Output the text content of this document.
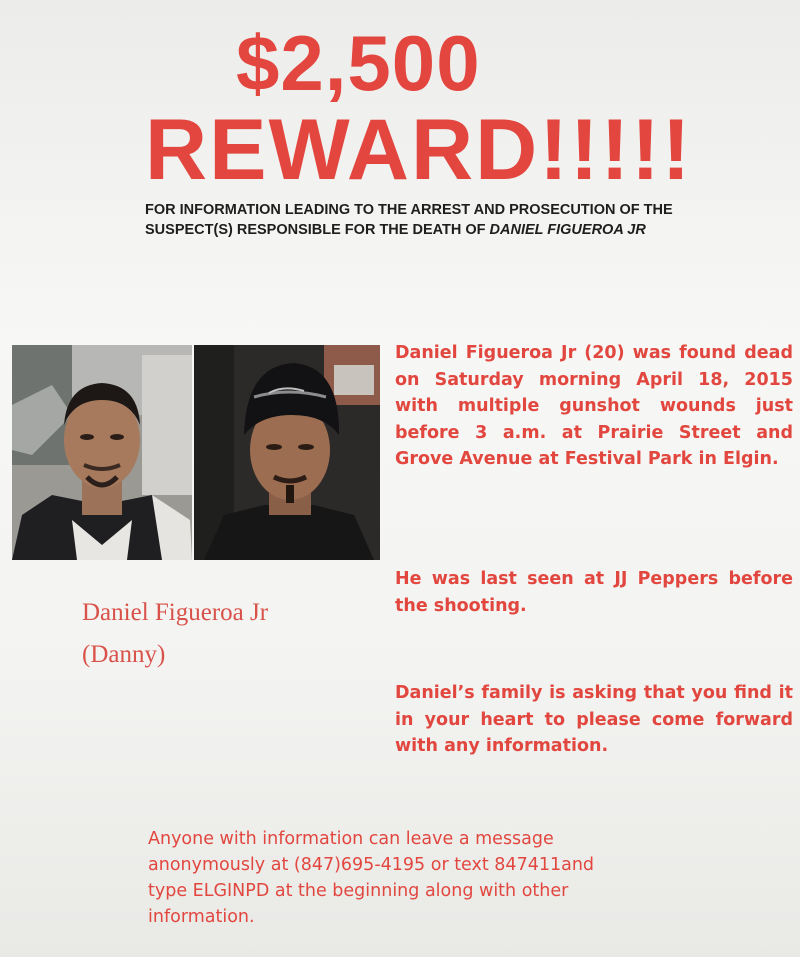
$2,500
REWARD!!!!!
FOR INFORMATION LEADING TO THE ARREST AND PROSECUTION OF THE
SUSPECT(S) RESPONSIBLE FOR THE DEATH OF DANIEL FIGUEROA JR
Daniel Figueroa Jr
(Danny)
Daniel Figueroa Jr (20) was found dead on Saturday morning April 18, 2015 with multiple gunshot wounds just before 3 a.m. at Prairie Street and Grove Avenue at Festival Park in Elgin.
He was last seen at JJ Peppers before the shooting.
Daniel’s family is asking that you find it in your heart to please come forward with any information.
Anyone with information can leave a message
anonymously at (847)695-4195 or text 847411and
type ELGINPD at the beginning along with other
information.
